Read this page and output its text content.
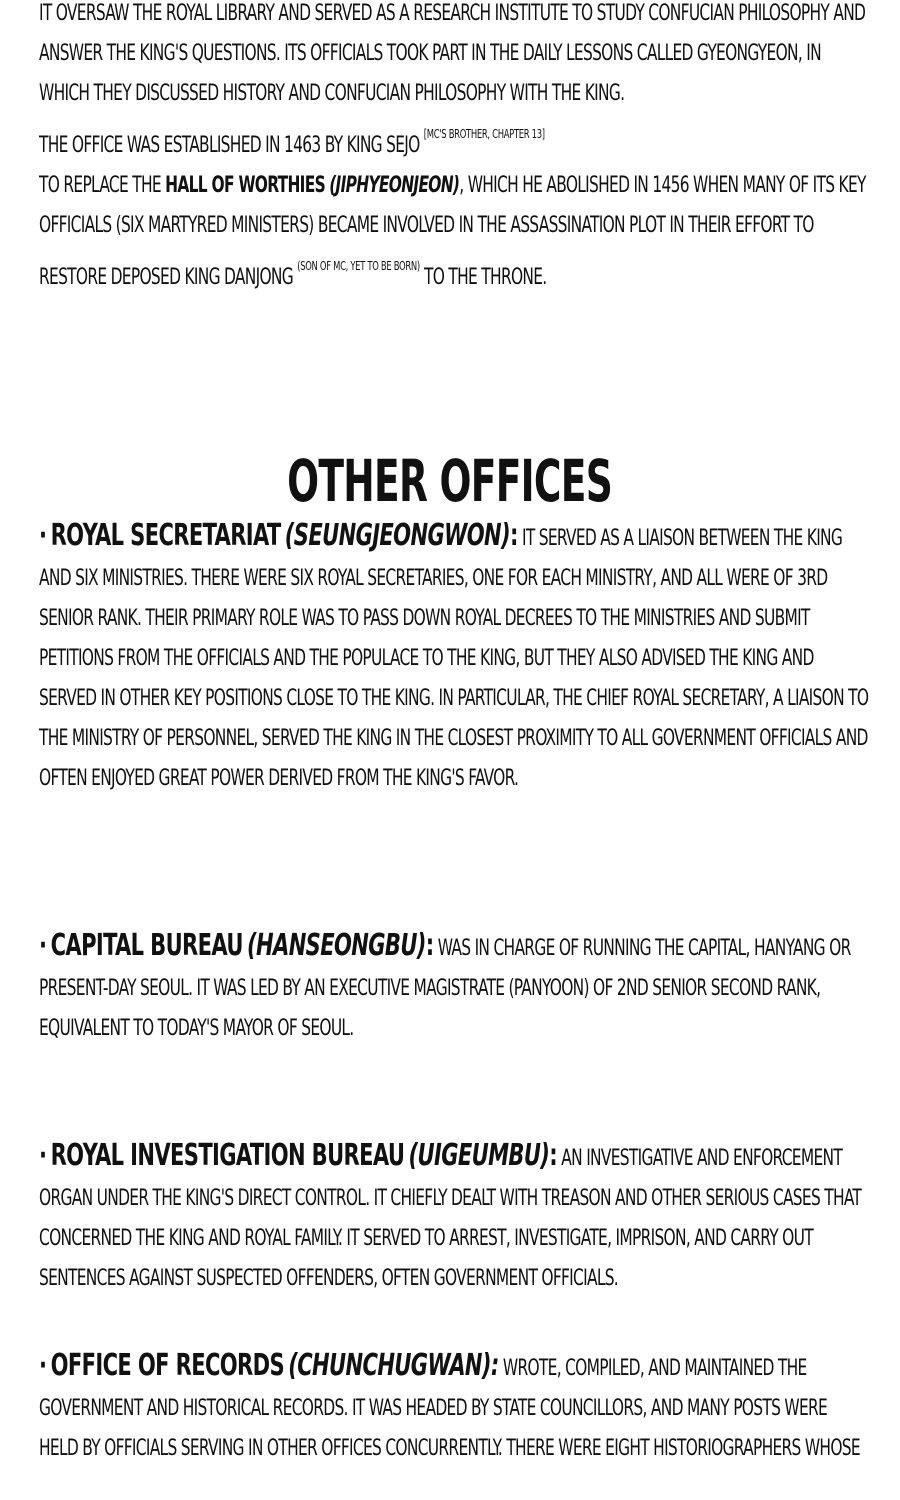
IT OVERSAW THE ROYAL LIBRARY AND SERVED AS A RESEARCH INSTITUTE TO STUDY CONFUCIAN PHILOSOPHY AND ANSWER THE KING'S QUESTIONS. ITS OFFICIALS TOOK PART IN THE DAILY LESSONS CALLED GYEONGYEON, IN WHICH THEY DISCUSSED HISTORY AND CONFUCIAN PHILOSOPHY WITH THE KING.
THE OFFICE WAS ESTABLISHED IN 1463 BY KING SEJO [MC'S BROTHER, CHAPTER 13]
TO REPLACE THE HALL OF WORTHIES (JIPHYEONJEON), WHICH HE ABOLISHED IN 1456 WHEN MANY OF ITS KEY OFFICIALS (SIX MARTYRED MINISTERS) BECAME INVOLVED IN THE ASSASSINATION PLOT IN THEIR EFFORT TO RESTORE DEPOSED KING DANJONG $^{(SON OF MC, YET TO BE BORN)}$ TO THE THRONE.
OTHER OFFICES
· ROYAL SECRETARIAT (SEUNGJEONGWON): IT SERVED AS A LIAISON BETWEEN THE KING AND SIX MINISTRIES. THERE WERE SIX ROYAL SECRETARIES, ONE FOR EACH MINISTRY, AND ALL WERE OF 3RD SENIOR RANK. THEIR PRIMARY ROLE WAS TO PASS DOWN ROYAL DECREES TO THE MINISTRIES AND SUBMIT PETITIONS FROM THE OFFICIALS AND THE POPULACE TO THE KING, BUT THEY ALSO ADVISED THE KING AND SERVED IN OTHER KEY POSITIONS CLOSE TO THE KING. IN PARTICULAR, THE CHIEF ROYAL SECRETARY, A LIAISON TO THE MINISTRY OF PERSONNEL, SERVED THE KING IN THE CLOSEST PROXIMITY TO ALL GOVERNMENT OFFICIALS AND OFTEN ENJOYED GREAT POWER DERIVED FROM THE KING'S FAVOR.
· CAPITAL BUREAU (HANSEONGBU): WAS IN CHARGE OF RUNNING THE CAPITAL, HANYANG OR PRESENT-DAY SEOUL. IT WAS LED BY AN EXECUTIVE MAGISTRATE (PANYOON) OF 2ND SENIOR SECOND RANK, EQUIVALENT TO TODAY'S MAYOR OF SEOUL.
· ROYAL INVESTIGATION BUREAU (UIGEUMBU): AN INVESTIGATIVE AND ENFORCEMENT ORGAN UNDER THE KING'S DIRECT CONTROL. IT CHIEFLY DEALT WITH TREASON AND OTHER SERIOUS CASES THAT CONCERNED THE KING AND ROYAL FAMILY. IT SERVED TO ARREST, INVESTIGATE, IMPRISON, AND CARRY OUT SENTENCES AGAINST SUSPECTED OFFENDERS, OFTEN GOVERNMENT OFFICIALS.
· OFFICE OF RECORDS (CHUNCHUGWAN): WROTE, COMPILED, AND MAINTAINED THE GOVERNMENT AND HISTORICAL RECORDS. IT WAS HEADED BY STATE COUNCILLORS, AND MANY POSTS WERE HELD BY OFFICIALS SERVING IN OTHER OFFICES CONCURRENTLY. THERE WERE EIGHT HISTORIOGRAPHERS WHOSE
